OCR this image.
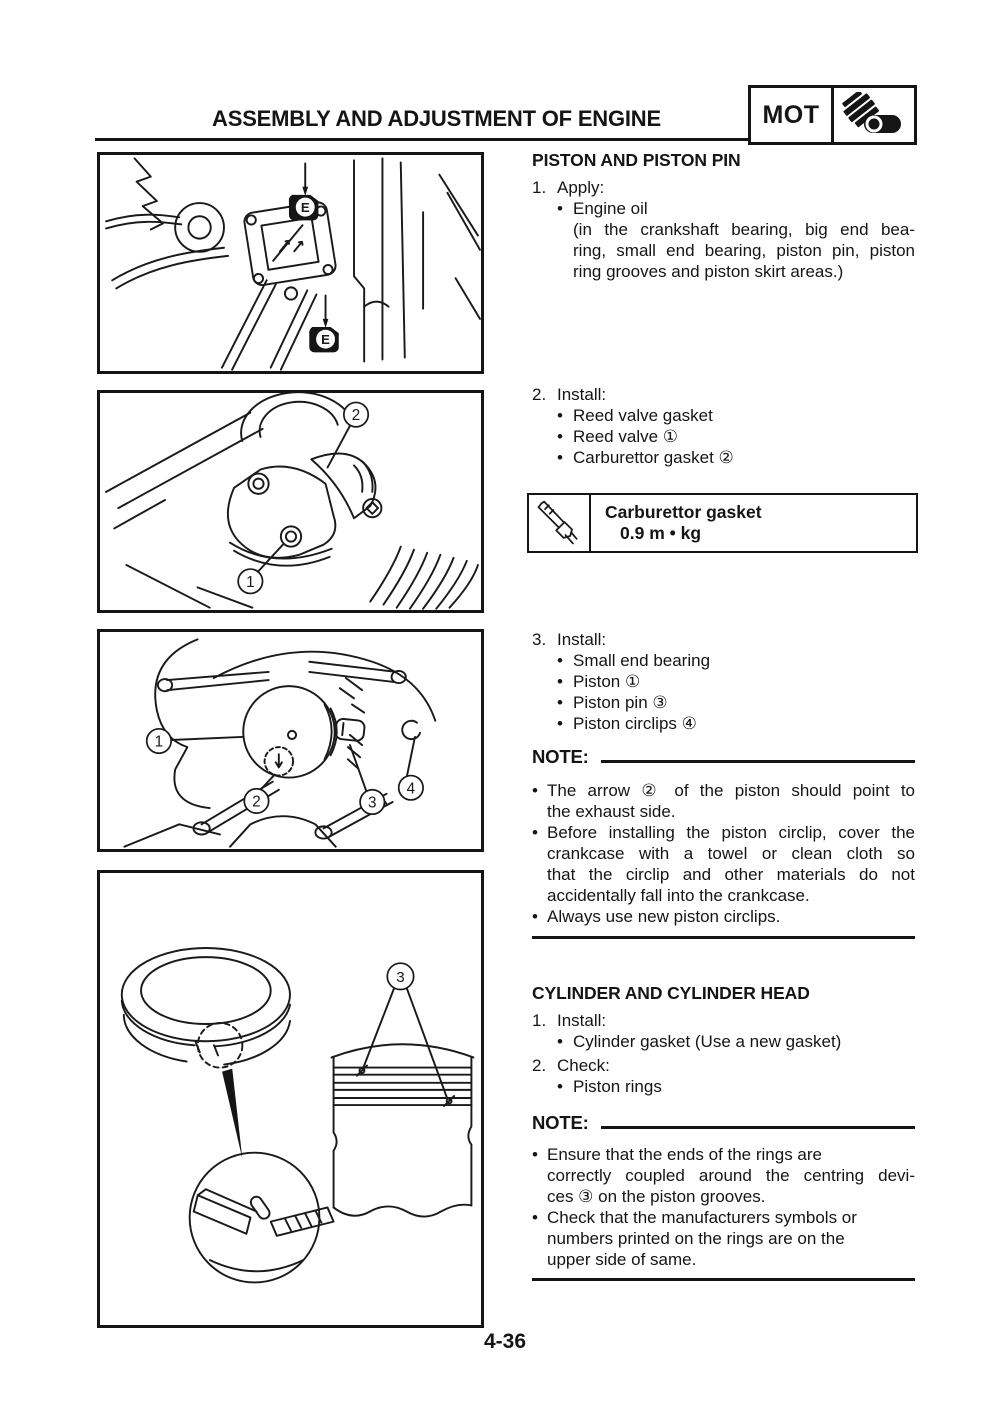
ASSEMBLY AND ADJUSTMENT OF ENGINE	MOT
E
E
2
1
1
2	3
4
3
PISTON AND PISTON PIN
1. Apply:
• Engine oil
(in the crankshaft bearing, big end bea-
ring, small end bearing, piston pin, piston
ring grooves and piston skirt areas.)
2. Install:
• Reed valve gasket
• Reed valve ①
• Carburettor gasket ②
Carburettor gasket
0.9 m • kg
3. Install:
• Small end bearing
• Piston ①
• Piston pin ③
• Piston circlips ④
NOTE:
• The arrow ② of the piston should point to
the exhaust side.
• Before installing the piston circlip, cover the
crankcase with a towel or clean cloth so
that the circlip and other materials do not
accidentally fall into the crankcase.
• Always use new piston circlips.
CYLINDER AND CYLINDER HEAD
1. Install:
• Cylinder gasket (Use a new gasket)
2. Check:
• Piston rings
NOTE:
• Ensure that the ends of the rings are
correctly coupled around the centring devi-
ces ③ on the piston grooves.
• Check that the manufacturers symbols or
numbers printed on the rings are on the
upper side of same.
4-36
